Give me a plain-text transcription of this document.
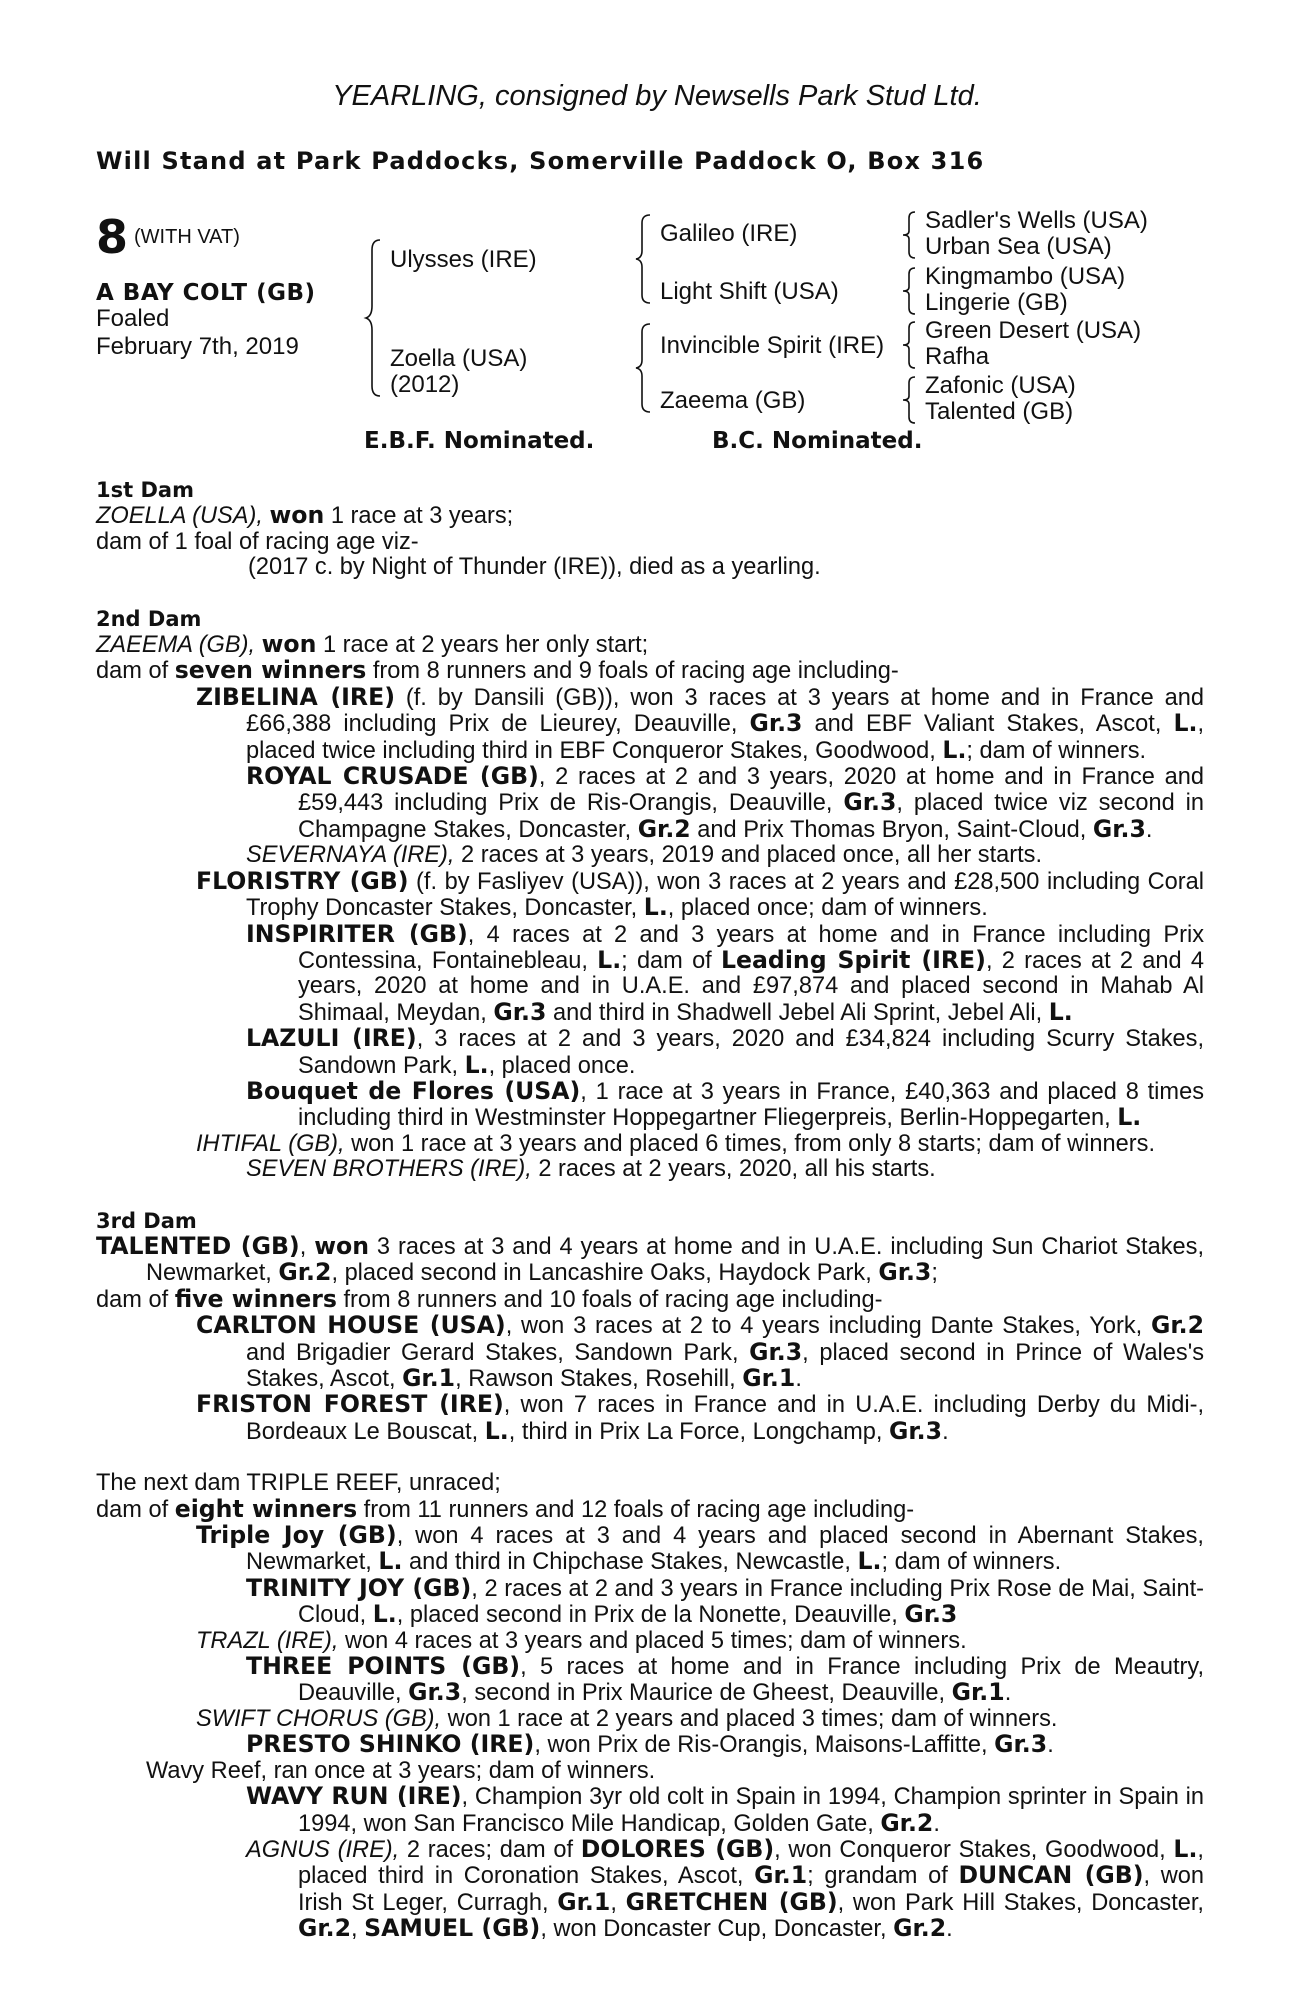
YEARLING, consigned by Newsells Park Stud Ltd.
Will Stand at Park Paddocks, Somerville Paddock O, Box 316
8 (WITH VAT)
A BAY COLT (GB)
Foaled
February 7th, 2019
Ulysses (IRE)
Zoella (USA)
(2012)
Galileo (IRE)
Light Shift (USA)
Invincible Spirit (IRE)
Zaeema (GB)
Sadler's Wells (USA)
Urban Sea (USA)
Kingmambo (USA)
Lingerie (GB)
Green Desert (USA)
Rafha
Zafonic (USA)
Talented (GB)
E.B.F. Nominated.	B.C. Nominated.
1st Dam
ZOELLA (USA), won 1 race at 3 years;
dam of 1 foal of racing age viz-
(2017 c. by Night of Thunder (IRE)), died as a yearling.
2nd Dam
ZAEEMA (GB), won 1 race at 2 years her only start;
dam of seven winners from 8 runners and 9 foals of racing age including-
ZIBELINA (IRE) (f. by Dansili (GB)), won 3 races at 3 years at home and in France and £66,388 including Prix de Lieurey, Deauville, Gr.3 and EBF Valiant Stakes, Ascot, L., placed twice including third in EBF Conqueror Stakes, Goodwood, L.; dam of winners.
ROYAL CRUSADE (GB), 2 races at 2 and 3 years, 2020 at home and in France and £59,443 including Prix de Ris-Orangis, Deauville, Gr.3, placed twice viz second in Champagne Stakes, Doncaster, Gr.2 and Prix Thomas Bryon, Saint-Cloud, Gr.3.
SEVERNAYA (IRE), 2 races at 3 years, 2019 and placed once, all her starts.
FLORISTRY (GB) (f. by Fasliyev (USA)), won 3 races at 2 years and £28,500 including Coral Trophy Doncaster Stakes, Doncaster, L., placed once; dam of winners.
INSPIRITER (GB), 4 races at 2 and 3 years at home and in France including Prix Contessina, Fontainebleau, L.; dam of Leading Spirit (IRE), 2 races at 2 and 4 years, 2020 at home and in U.A.E. and £97,874 and placed second in Mahab Al Shimaal, Meydan, Gr.3 and third in Shadwell Jebel Ali Sprint, Jebel Ali, L.
LAZULI (IRE), 3 races at 2 and 3 years, 2020 and £34,824 including Scurry Stakes, Sandown Park, L., placed once.
Bouquet de Flores (USA), 1 race at 3 years in France, £40,363 and placed 8 times including third in Westminster Hoppegartner Fliegerpreis, Berlin-Hoppegarten, L.
IHTIFAL (GB), won 1 race at 3 years and placed 6 times, from only 8 starts; dam of winners.
SEVEN BROTHERS (IRE), 2 races at 2 years, 2020, all his starts.
3rd Dam
TALENTED (GB), won 3 races at 3 and 4 years at home and in U.A.E. including Sun Chariot Stakes, Newmarket, Gr.2, placed second in Lancashire Oaks, Haydock Park, Gr.3;
dam of five winners from 8 runners and 10 foals of racing age including-
CARLTON HOUSE (USA), won 3 races at 2 to 4 years including Dante Stakes, York, Gr.2 and Brigadier Gerard Stakes, Sandown Park, Gr.3, placed second in Prince of Wales's Stakes, Ascot, Gr.1, Rawson Stakes, Rosehill, Gr.1.
FRISTON FOREST (IRE), won 7 races in France and in U.A.E. including Derby du Midi-, Bordeaux Le Bouscat, L., third in Prix La Force, Longchamp, Gr.3.
The next dam TRIPLE REEF, unraced;
dam of eight winners from 11 runners and 12 foals of racing age including-
Triple Joy (GB), won 4 races at 3 and 4 years and placed second in Abernant Stakes, Newmarket, L. and third in Chipchase Stakes, Newcastle, L.; dam of winners.
TRINITY JOY (GB), 2 races at 2 and 3 years in France including Prix Rose de Mai, Saint-Cloud, L., placed second in Prix de la Nonette, Deauville, Gr.3
TRAZL (IRE), won 4 races at 3 years and placed 5 times; dam of winners.
THREE POINTS (GB), 5 races at home and in France including Prix de Meautry, Deauville, Gr.3, second in Prix Maurice de Gheest, Deauville, Gr.1.
SWIFT CHORUS (GB), won 1 race at 2 years and placed 3 times; dam of winners.
PRESTO SHINKO (IRE), won Prix de Ris-Orangis, Maisons-Laffitte, Gr.3.
Wavy Reef, ran once at 3 years; dam of winners.
WAVY RUN (IRE), Champion 3yr old colt in Spain in 1994, Champion sprinter in Spain in 1994, won San Francisco Mile Handicap, Golden Gate, Gr.2.
AGNUS (IRE), 2 races; dam of DOLORES (GB), won Conqueror Stakes, Goodwood, L., placed third in Coronation Stakes, Ascot, Gr.1; grandam of DUNCAN (GB), won Irish St Leger, Curragh, Gr.1, GRETCHEN (GB), won Park Hill Stakes, Doncaster, Gr.2, SAMUEL (GB), won Doncaster Cup, Doncaster, Gr.2.
